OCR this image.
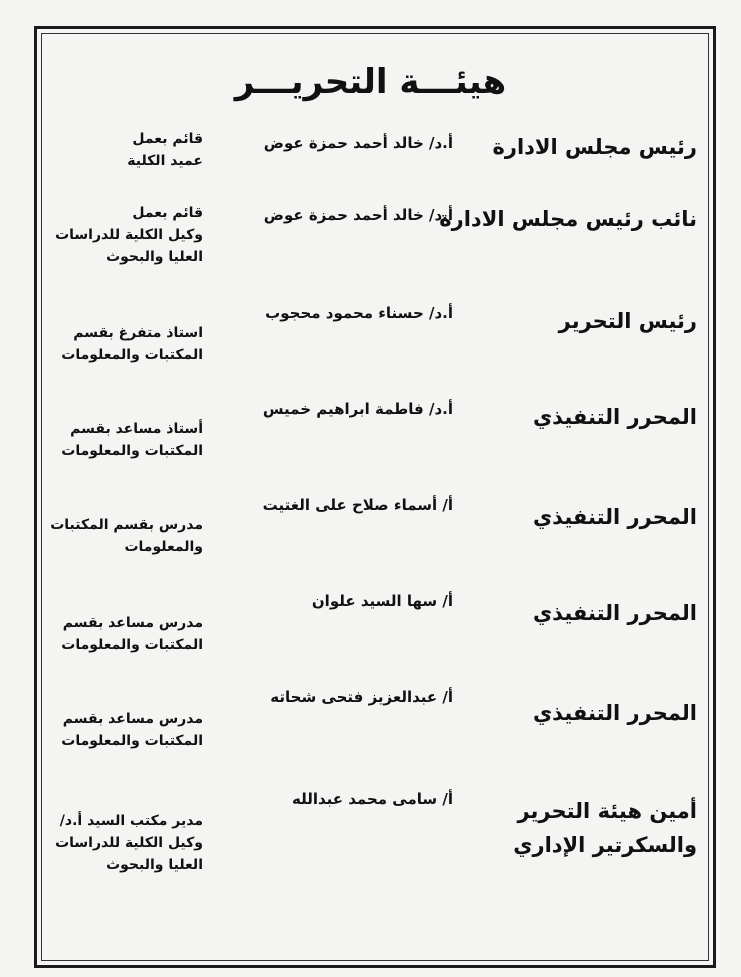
هيئـــة التحريـــر
رئيس مجلس الادارة
أ.د/ خالد أحمد حمزة عوض
قائم بعمل
عميد الكلية
نائب رئيس مجلس الادارة
أ.د/ خالد أحمد حمزة عوض
قائم بعمل
وكيل الكلية للدراسات
العليا والبحوث
رئيس التحرير
أ.د/ حسناء محمود محجوب
استاذ متفرغ بقسم
المكتبات والمعلومات
المحرر التنفيذي
أ.د/ فاطمة ابراهيم خميس
أستاذ مساعد بقسم
المكتبات والمعلومات
المحرر التنفيذي
أ/ أسماء صلاح على الغتيت
مدرس بقسم المكتبات
والمعلومات
المحرر التنفيذي
أ/ سها السيد علوان
مدرس مساعد بقسم
المكتبات والمعلومات
المحرر التنفيذي
أ/ عبدالعزيز فتحى شحاته
مدرس مساعد بقسم
المكتبات والمعلومات
أمين هيئة التحرير
والسكرتير الإداري
أ/ سامى محمد عبدالله
مدير مكتب السيد أ.د/
وكيل الكلية للدراسات
العليا والبحوث
